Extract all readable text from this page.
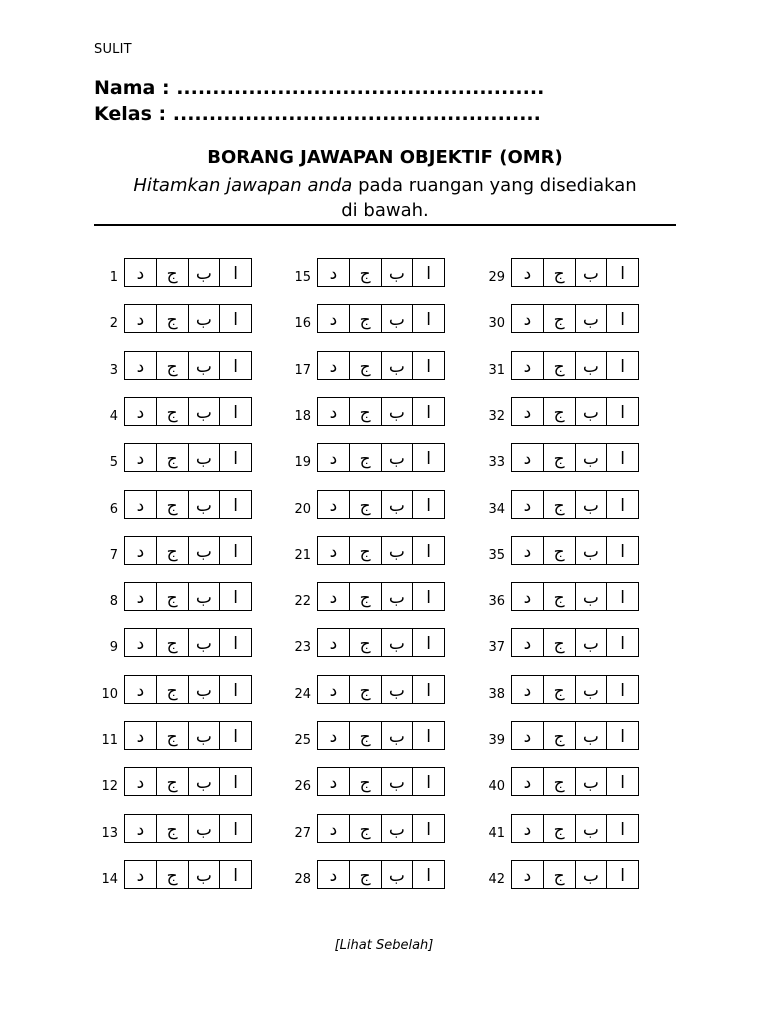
SULIT
Nama : ...................................................
Kelas : ...................................................
BORANG JAWAPAN OBJEKTIF (OMR)
Hitamkan jawapan anda pada ruangan yang disediakan
di bawah.
1	د	ج	ب	ا
2	د	ج	ب	ا
3	د	ج	ب	ا
4	د	ج	ب	ا
5	د	ج	ب	ا
6	د	ج	ب	ا
7	د	ج	ب	ا
8	د	ج	ب	ا
9	د	ج	ب	ا
10	د	ج	ب	ا
11	د	ج	ب	ا
12	د	ج	ب	ا
13	د	ج	ب	ا
14	د	ج	ب	ا
15	د	ج	ب	ا
16	د	ج	ب	ا
17	د	ج	ب	ا
18	د	ج	ب	ا
19	د	ج	ب	ا
20	د	ج	ب	ا
21	د	ج	ب	ا
22	د	ج	ب	ا
23	د	ج	ب	ا
24	د	ج	ب	ا
25	د	ج	ب	ا
26	د	ج	ب	ا
27	د	ج	ب	ا
28	د	ج	ب	ا
29	د	ج	ب	ا
30	د	ج	ب	ا
31	د	ج	ب	ا
32	د	ج	ب	ا
33	د	ج	ب	ا
34	د	ج	ب	ا
35	د	ج	ب	ا
36	د	ج	ب	ا
37	د	ج	ب	ا
38	د	ج	ب	ا
39	د	ج	ب	ا
40	د	ج	ب	ا
41	د	ج	ب	ا
42	د	ج	ب	ا
[Lihat Sebelah]
